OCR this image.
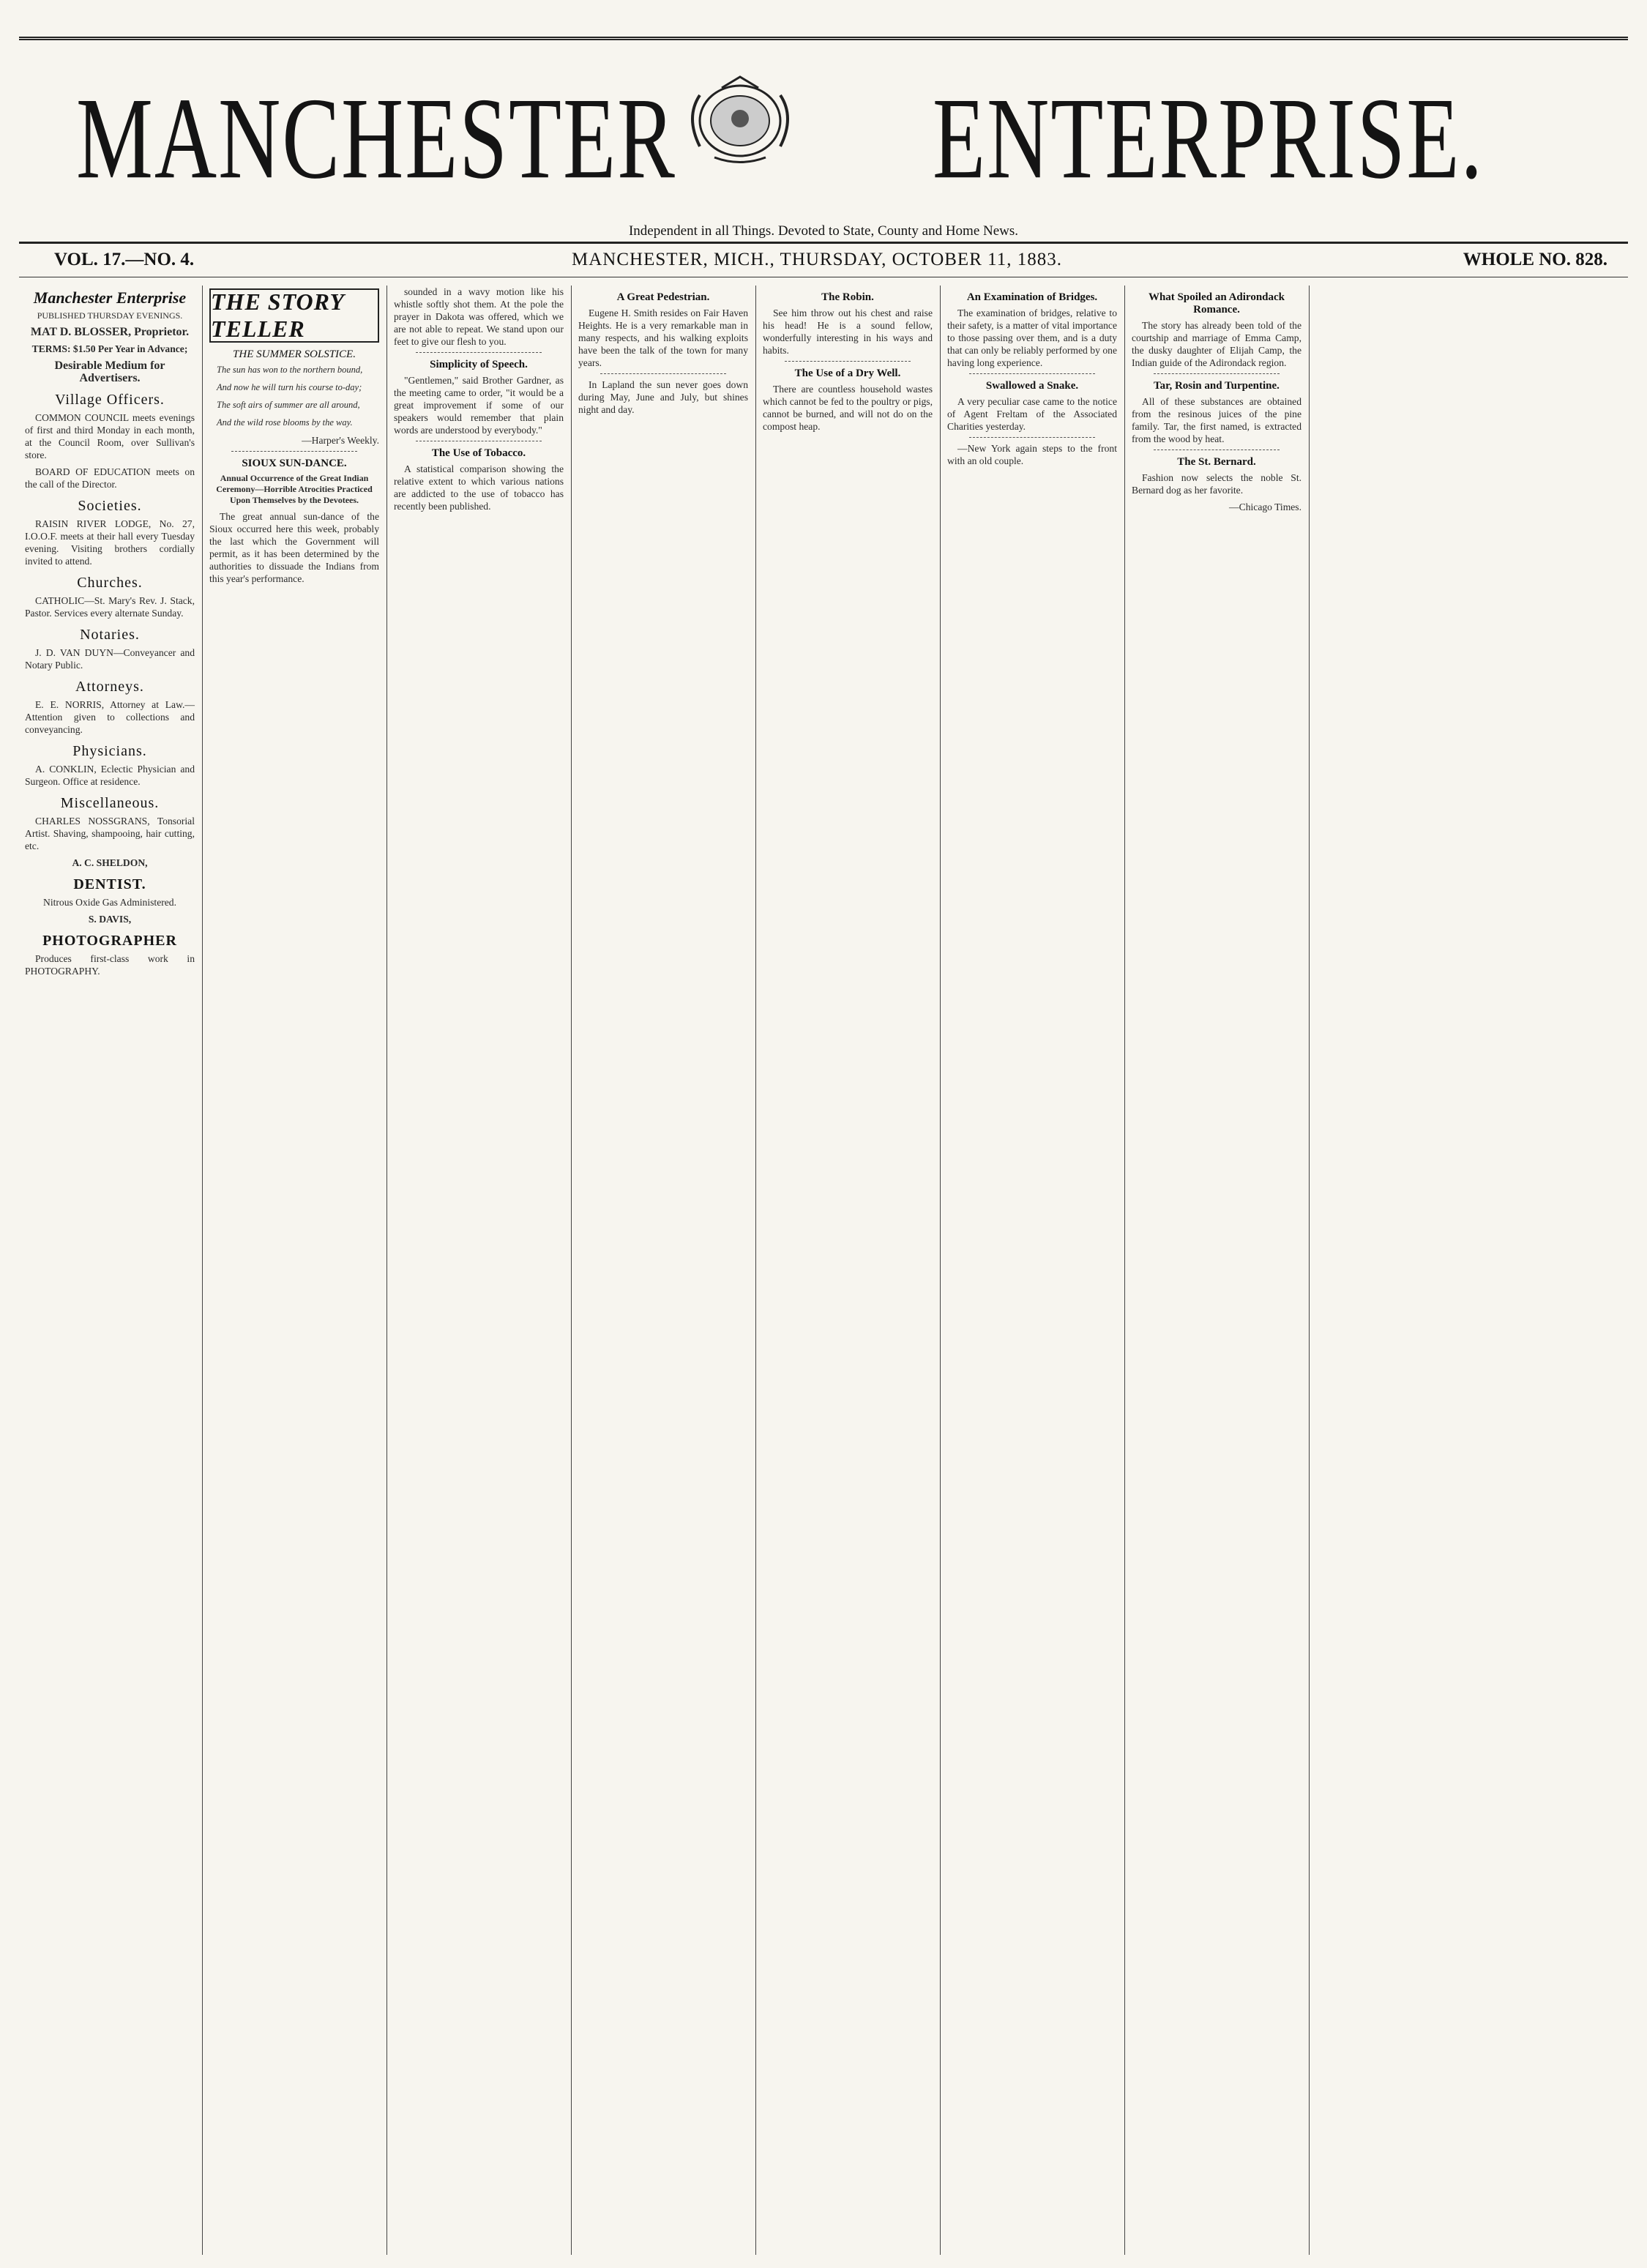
MANCHESTER	ENTERPRISE.
Independent in all Things. Devoted to State, County and Home News.
VOL. 17.—NO. 4.	MANCHESTER, MICH., THURSDAY, OCTOBER 11, 1883.	WHOLE NO. 828.
Manchester Enterprise

PUBLISHED THURSDAY EVENINGS.

MAT D. BLOSSER, Proprietor.

TERMS: $1.50 Per Year in Advance;

Desirable Medium for Advertisers.

Village Officers.

COMMON COUNCIL meets evenings of first and third Monday in each month, at the Council Room, over Sullivan's store.

BOARD OF EDUCATION meets on the call of the Director.

Societies.

RAISIN RIVER LODGE, No. 27, I.O.O.F. meets at their hall every Tuesday evening. Visiting brothers cordially invited to attend.

Churches.

CATHOLIC—St. Mary's Rev. J. Stack, Pastor. Services every alternate Sunday.

Notaries.

J. D. VAN DUYN—Conveyancer and Notary Public.

Attorneys.

E. E. NORRIS, Attorney at Law.—Attention given to collections and conveyancing.

Physicians.

A. CONKLIN, Eclectic Physician and Surgeon. Office at residence.

Miscellaneous.

CHARLES NOSSGRANS, Tonsorial Artist. Shaving, shampooing, hair cutting, etc.

A. C. SHELDON,

DENTIST.

Nitrous Oxide Gas Administered.

S. DAVIS,

PHOTOGRAPHER

Produces first-class work in PHOTOGRAPHY.

THE STORY TELLER
THE SUMMER SOLSTICE.
The sun has won to the northern bound,
And now he will turn his course to-day;
The soft airs of summer are all around,
And the wild rose blooms by the way.

—Harper's Weekly.

SIOUX SUN-DANCE.

Annual Occurrence of the Great Indian Ceremony—Horrible Atrocities Practiced Upon Themselves by the Devotees.

The great annual sun-dance of the Sioux occurred here this week, probably the last which the Government will permit, as it has been determined by the authorities to dissuade the Indians from this year's performance.

sounded in a wavy motion like his whistle softly shot them. At the pole the prayer in Dakota was offered, which we are not able to repeat. We stand upon our feet to give our flesh to you.

Simplicity of Speech.

"Gentlemen," said Brother Gardner, as the meeting came to order, "it would be a great improvement if some of our speakers would remember that plain words are understood by everybody."

The Use of Tobacco.

A statistical comparison showing the relative extent to which various nations are addicted to the use of tobacco has recently been published.

A Great Pedestrian.

Eugene H. Smith resides on Fair Haven Heights. He is a very remarkable man in many respects, and his walking exploits have been the talk of the town for many years.

In Lapland the sun never goes down during May, June and July, but shines night and day.

The Robin.

See him throw out his chest and raise his head! He is a sound fellow, wonderfully interesting in his ways and habits.

The Use of a Dry Well.

There are countless household wastes which cannot be fed to the poultry or pigs, cannot be burned, and will not do on the compost heap.

An Examination of Bridges.

The examination of bridges, relative to their safety, is a matter of vital importance to those passing over them, and is a duty that can only be reliably performed by one having long experience.

Swallowed a Snake.

A very peculiar case came to the notice of Agent Freltam of the Associated Charities yesterday.

—New York again steps to the front with an old couple.

What Spoiled an Adirondack Romance.

The story has already been told of the courtship and marriage of Emma Camp, the dusky daughter of Elijah Camp, the Indian guide of the Adirondack region.

Tar, Rosin and Turpentine.

All of these substances are obtained from the resinous juices of the pine family. Tar, the first named, is extracted from the wood by heat.

The St. Bernard.

Fashion now selects the noble St. Bernard dog as her favorite.

—Chicago Times.
